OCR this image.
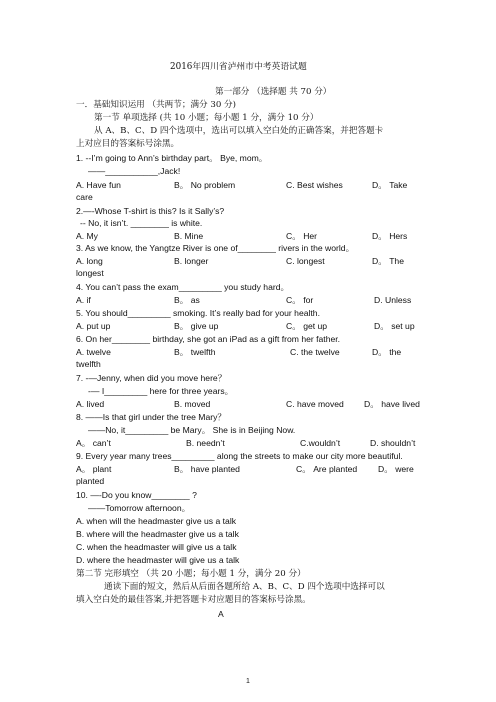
2016年四川省泸州市中考英语试题
第一部分 （选择题 共 70 分）
一．基础知识运用 （共两节；满分 30 分)
第一节 单项选择 (共 10 小题；每小题 1 分，满分 10 分）
从 A、B、C、D 四个选项中，选出可以填入空白处的正确答案，并把答题卡
上对应目的答案标号涂黑。
1. --I’m going to Ann’s birthday part。 Bye, mom。
——___________,Jack!
A. Have fun	B。 No problem	C. Best wishes	D。 Take
care
2.—-Whose T-shirt is this? Is it Sally’s?
-- No, it isn’t. ________ is white.
A. My	B. Mine	C。 Her	D。 Hers
3. As we know, the Yangtze River is one of________ rivers in the world。
A. long	B. longer	C. longest	D。 The
longest
4. You can’t pass the exam_________ you study hard。
A. if	B。 as	C。 for	D. Unless
5. You should_________ smoking. It’s really bad for your health.
A. put up	B。 give up	C。 get up	D。 set up
6. On her________ birthday, she got an iPad as a gift from her father.
A. twelve	B。 twelfth	C. the twelve	D。 the
twelfth
7. -—Jenny, when did you move here？
-— I_________ here for three years。
A. lived	B. moved	C. have moved D。 have lived
8. ——Is that girl under the tree Mary？
——No, it_________ be Mary。 She is in Beijing Now.
A。 can’t	B. needn’t	C.wouldn’t	D. shouldn’t
9. Every year many trees_________ along the streets to make our city more beautiful.
A。 plant	B。 have planted	C。 Are planted D。 were
planted
10. —-Do you know________ ?
——Tomorrow afternoon。
A. when will the headmaster give us a talk
B. where will the headmaster give us a talk
C. when the headmaster will give us a talk
D. where the headmaster will give us a talk
第二节 完形填空 （共 20 小题；每小题 1 分，满分 20 分）
通读下面的短文，然后从后面各题所给 A、B、C、D 四个选项中选择可以
填入空白处的最佳答案,并把答题卡对应题目的答案标号涂黑。
A
1
